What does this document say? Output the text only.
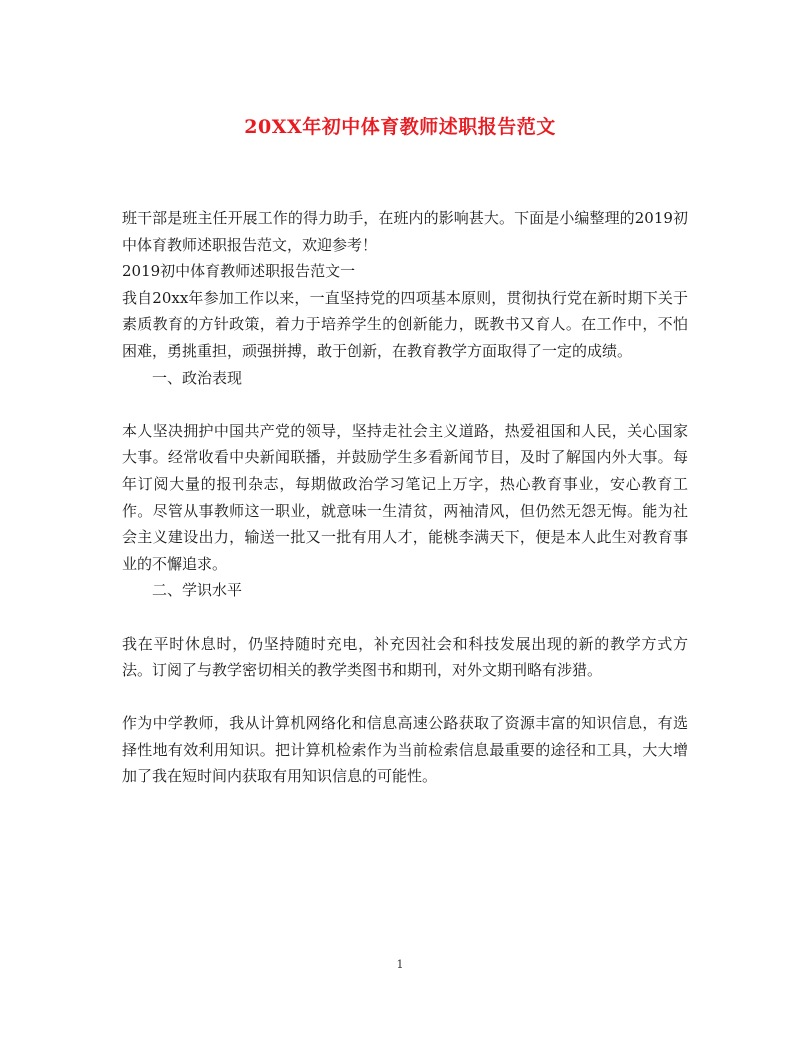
20XX年初中体育教师述职报告范文

班干部是班主任开展工作的得力助手，在班内的影响甚大。下面是小编整理的2019初中体育教师述职报告范文，欢迎参考！

2019初中体育教师述职报告范文一

我自20xx年参加工作以来，一直坚持党的四项基本原则，贯彻执行党在新时期下关于素质教育的方针政策，着力于培养学生的创新能力，既教书又育人。在工作中，不怕困难，勇挑重担，顽强拼搏，敢于创新，在教育教学方面取得了一定的成绩。

一、政治表现

本人坚决拥护中国共产党的领导，坚持走社会主义道路，热爱祖国和人民，关心国家大事。经常收看中央新闻联播，并鼓励学生多看新闻节目，及时了解国内外大事。每年订阅大量的报刊杂志，每期做政治学习笔记上万字，热心教育事业，安心教育工作。尽管从事教师这一职业，就意味一生清贫，两袖清风，但仍然无怨无悔。能为社会主义建设出力，输送一批又一批有用人才，能桃李满天下，便是本人此生对教育事业的不懈追求。

二、学识水平

我在平时休息时，仍坚持随时充电，补充因社会和科技发展出现的新的教学方式方法。订阅了与教学密切相关的教学类图书和期刊，对外文期刊略有涉猎。

作为中学教师，我从计算机网络化和信息高速公路获取了资源丰富的知识信息，有选择性地有效利用知识。把计算机检索作为当前检索信息最重要的途径和工具，大大增加了我在短时间内获取有用知识信息的可能性。

1
